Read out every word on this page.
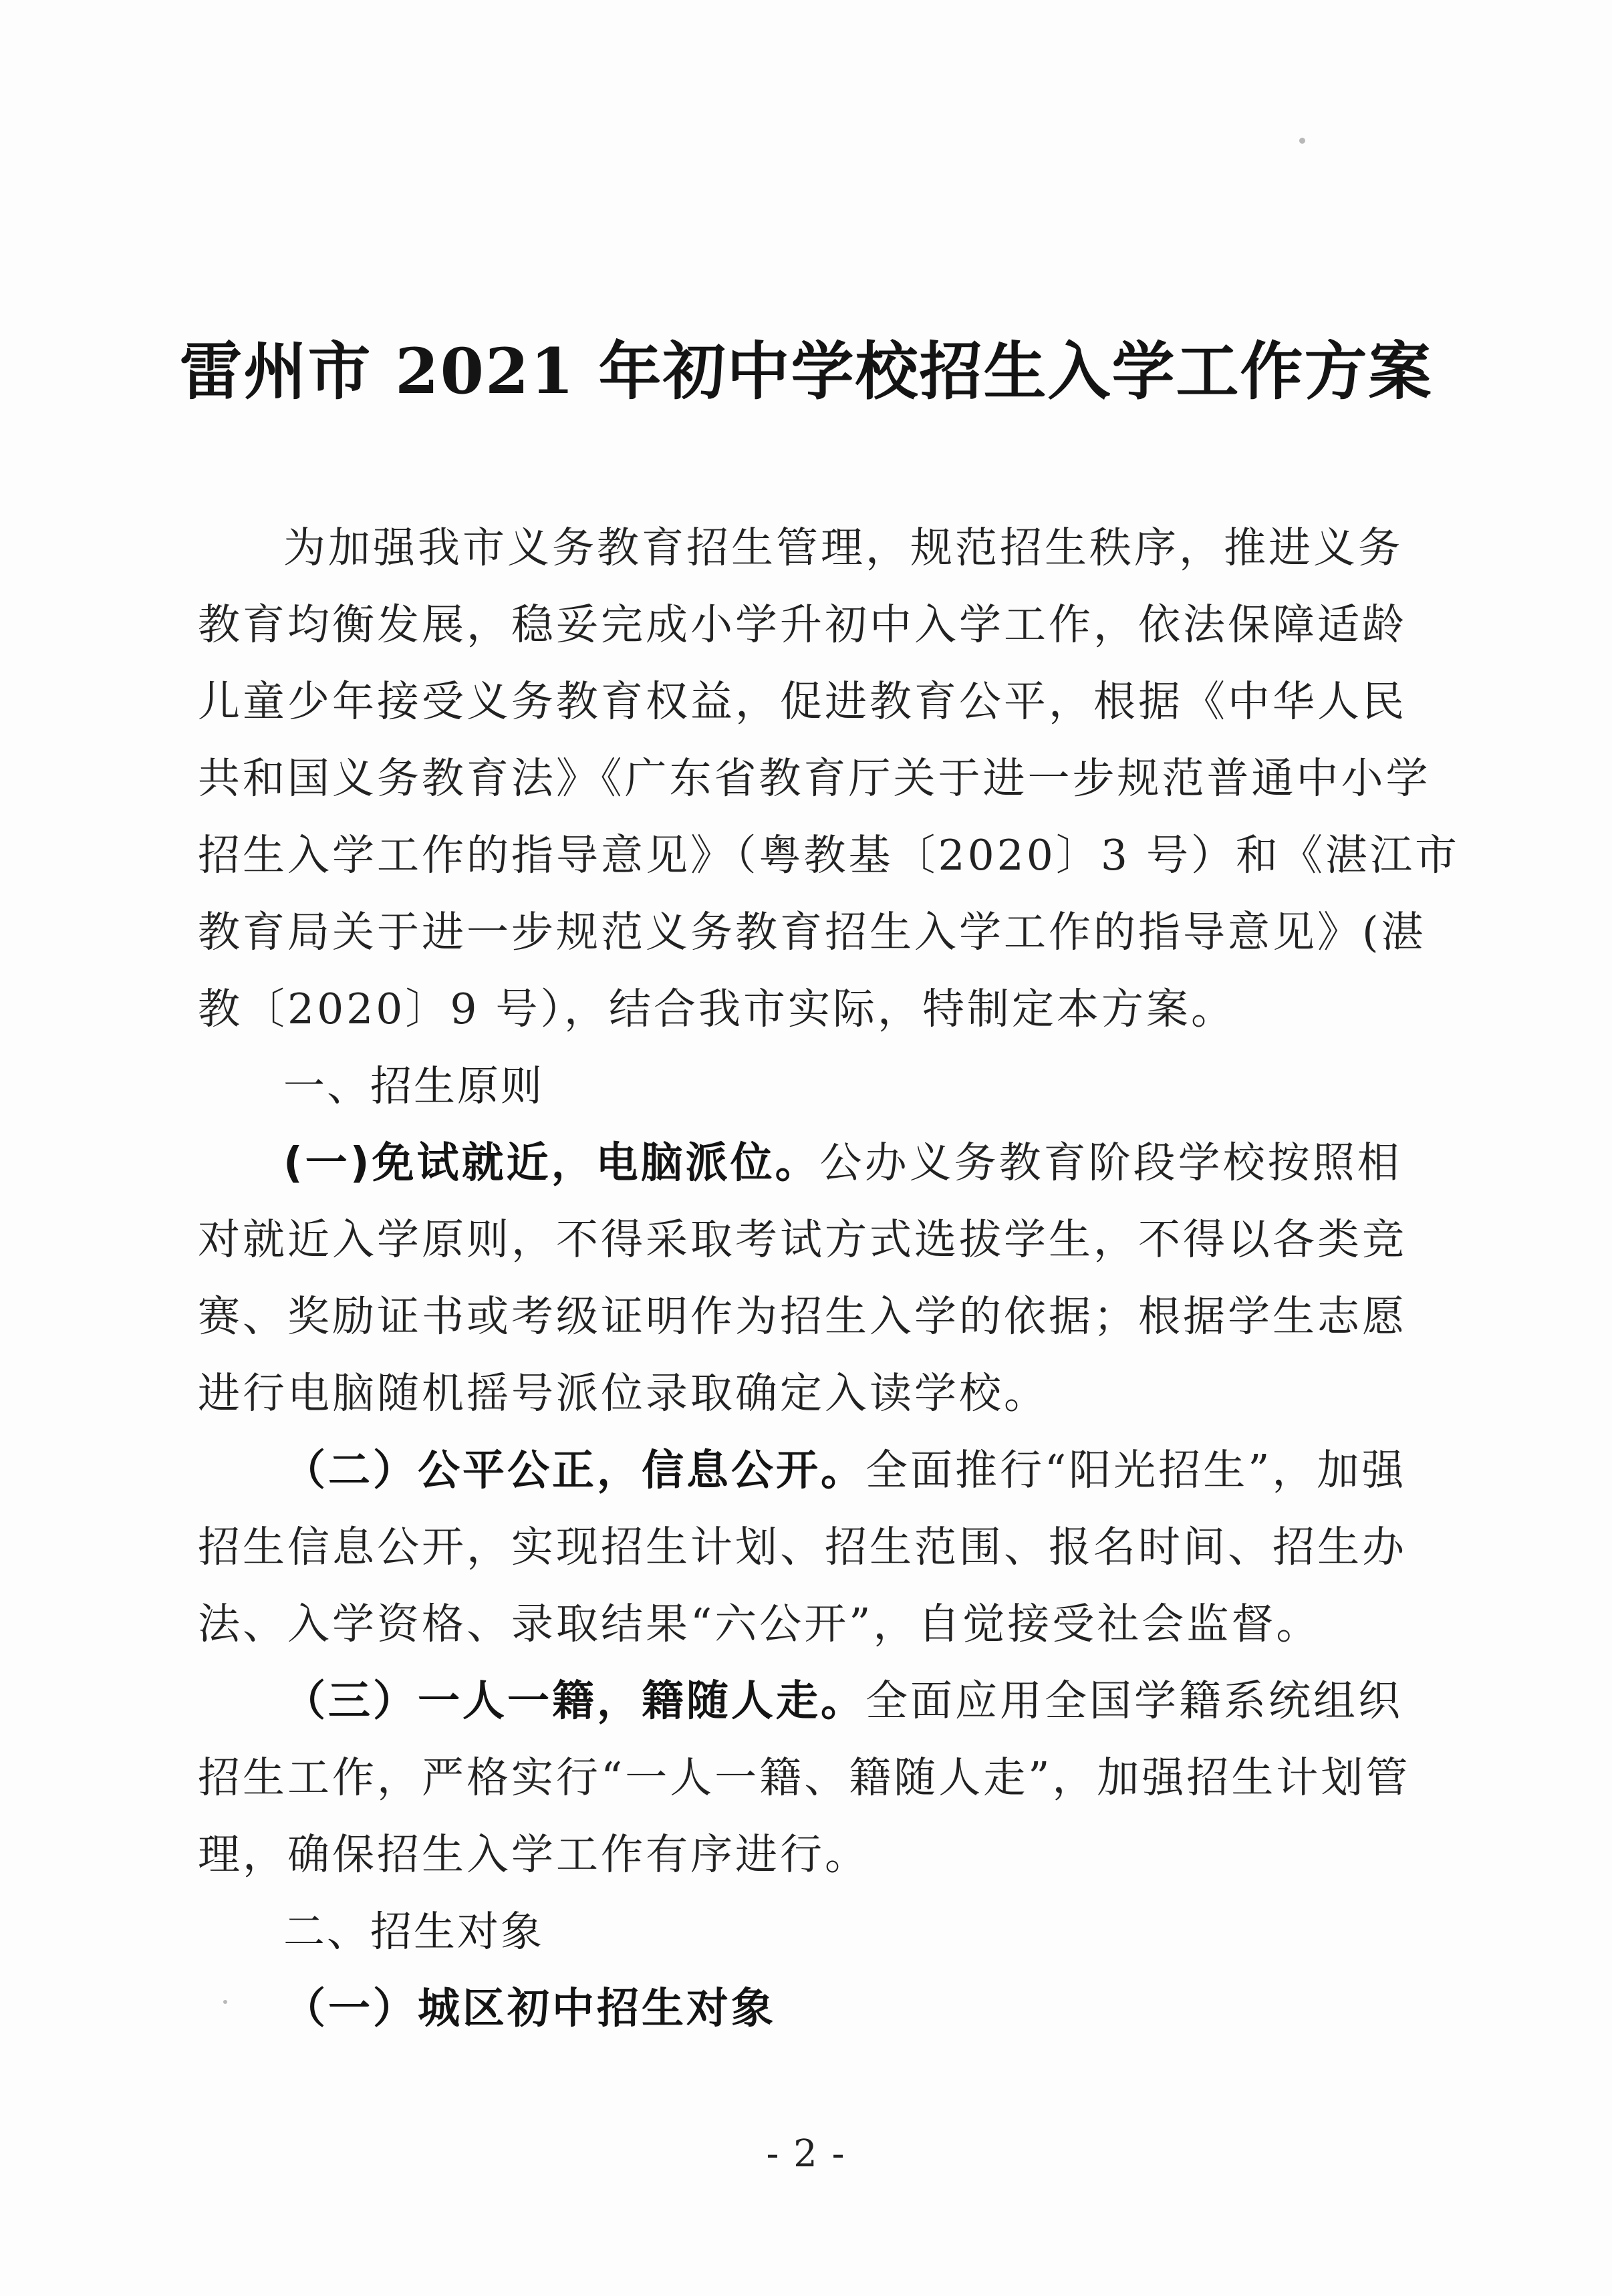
雷州市 2021 年初中学校招生入学工作方案
为加强我市义务教育招生管理，规范招生秩序，推进义务
教育均衡发展，稳妥完成小学升初中入学工作，依法保障适龄
儿童少年接受义务教育权益，促进教育公平，根据《中华人民
共和国义务教育法》《广东省教育厅关于进一步规范普通中小学
招生入学工作的指导意见》（粤教基〔2020〕3 号）和《湛江市
教育局关于进一步规范义务教育招生入学工作的指导意见》(湛
教〔2020〕9 号），结合我市实际，特制定本方案。
一、招生原则
(一)免试就近，电脑派位。公办义务教育阶段学校按照相
对就近入学原则，不得采取考试方式选拔学生，不得以各类竞
赛、奖励证书或考级证明作为招生入学的依据；根据学生志愿
进行电脑随机摇号派位录取确定入读学校。
（二）公平公正，信息公开。全面推行“阳光招生”，加强
招生信息公开，实现招生计划、招生范围、报名时间、招生办
法、入学资格、录取结果“六公开”，自觉接受社会监督。
（三）一人一籍，籍随人走。全面应用全国学籍系统组织
招生工作，严格实行“一人一籍、籍随人走”，加强招生计划管
理，确保招生入学工作有序进行。
二、招生对象
（一）城区初中招生对象
- 2 -
